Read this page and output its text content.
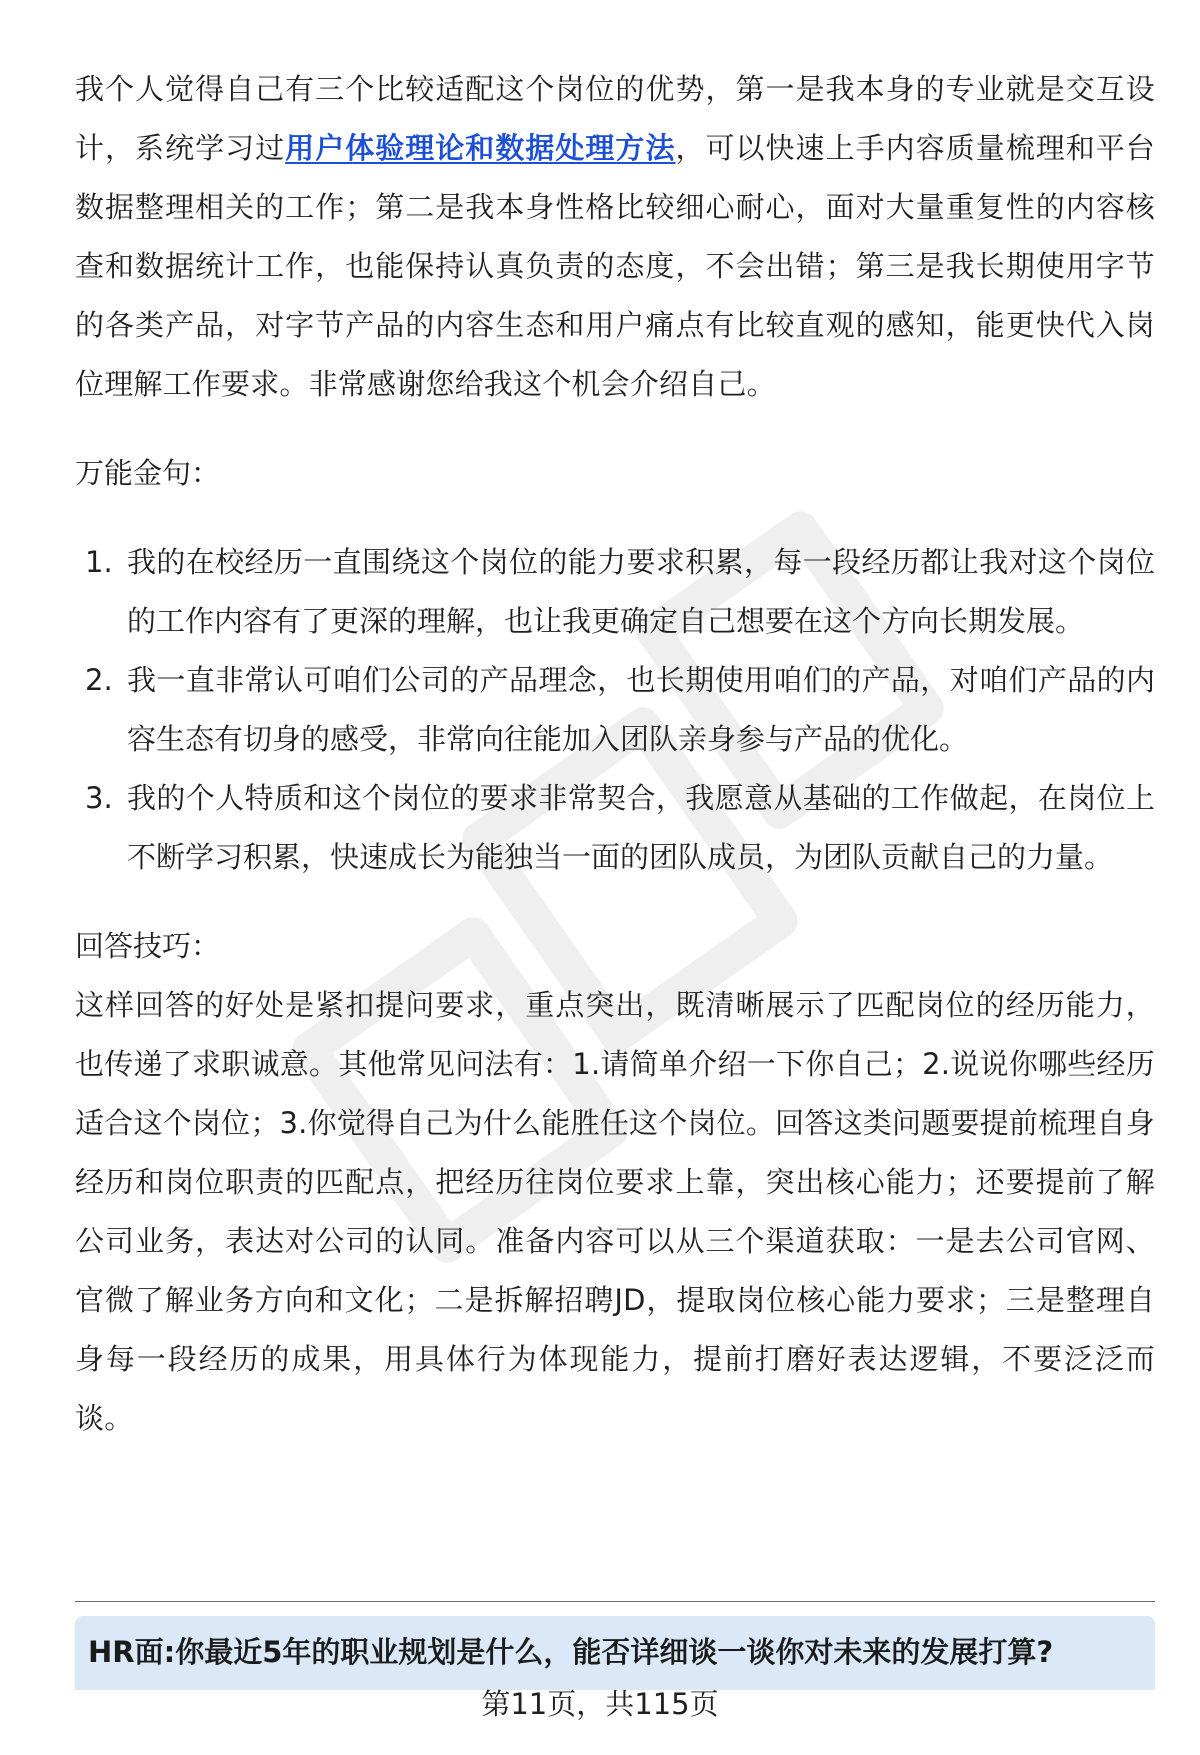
我个人觉得自己有三个比较适配这个岗位的优势，第一是我本身的专业就是交互设计，系统学习过用户体验理论和数据处理方法，可以快速上手内容质量梳理和平台数据整理相关的工作；第二是我本身性格比较细心耐心，面对大量重复性的内容核查和数据统计工作，也能保持认真负责的态度，不会出错；第三是我长期使用字节的各类产品，对字节产品的内容生态和用户痛点有比较直观的感知，能更快代入岗位理解工作要求。非常感谢您给我这个机会介绍自己。

万能金句：

1. 我的在校经历一直围绕这个岗位的能力要求积累，每一段经历都让我对这个岗位的工作内容有了更深的理解，也让我更确定自己想要在这个方向长期发展。
2. 我一直非常认可咱们公司的产品理念，也长期使用咱们的产品，对咱们产品的内容生态有切身的感受，非常向往能加入团队亲身参与产品的优化。
3. 我的个人特质和这个岗位的要求非常契合，我愿意从基础的工作做起，在岗位上不断学习积累，快速成长为能独当一面的团队成员，为团队贡献自己的力量。

回答技巧：

这样回答的好处是紧扣提问要求，重点突出，既清晰展示了匹配岗位的经历能力，也传递了求职诚意。其他常见问法有：1.请简单介绍一下你自己；2.说说你哪些经历适合这个岗位；3.你觉得自己为什么能胜任这个岗位。回答这类问题要提前梳理自身经历和岗位职责的匹配点，把经历往岗位要求上靠，突出核心能力；还要提前了解公司业务，表达对公司的认同。准备内容可以从三个渠道获取：一是去公司官网、官微了解业务方向和文化；二是拆解招聘JD，提取岗位核心能力要求；三是整理自身每一段经历的成果，用具体行为体现能力，提前打磨好表达逻辑，不要泛泛而谈。

HR面:你最近5年的职业规划是什么，能否详细谈一谈你对未来的发展打算?
第11页，共115页
